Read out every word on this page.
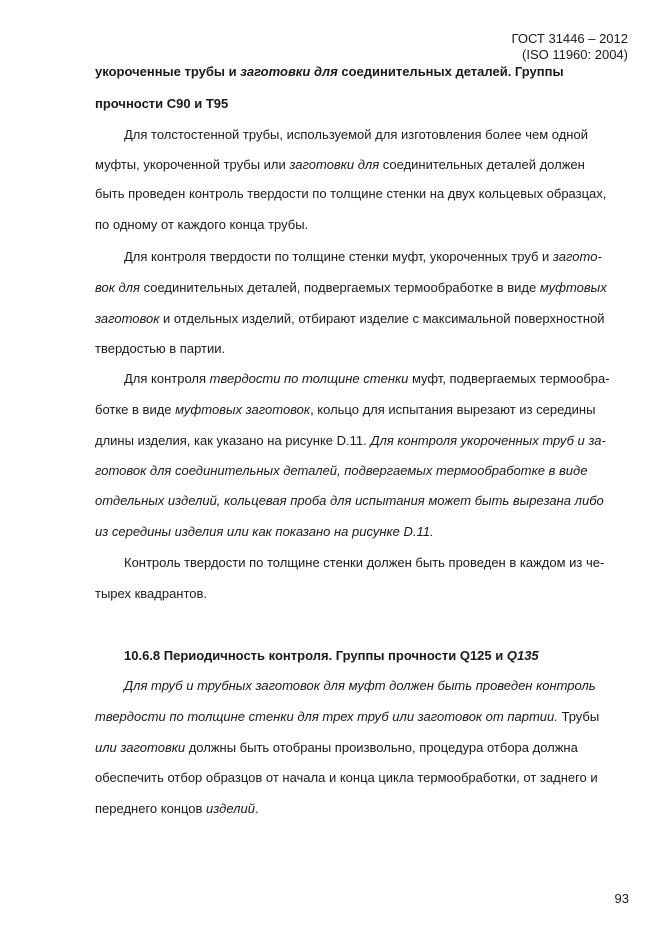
ГОСТ 31446 – 2012
(ISO 11960: 2004)
укороченные трубы и заготовки для соединительных деталей. Группы
прочности С90 и Т95
Для толстостенной трубы, используемой для изготовления более чем одной
муфты, укороченной трубы или заготовки для соединительных деталей должен
быть проведен контроль твердости по толщине стенки на двух кольцевых образцах,
по одному от каждого конца трубы.
Для контроля твердости по толщине стенки муфт, укороченных труб и загото-
вок для соединительных деталей, подвергаемых термообработке в виде муфтовых
заготовок и отдельных изделий, отбирают изделие с максимальной поверхностной
твердостью в партии.
Для контроля твердости по толщине стенки муфт, подвергаемых термообра-
ботке в виде муфтовых заготовок, кольцо для испытания вырезают из середины
длины изделия, как указано на рисунке D.11. Для контроля укороченных труб и за-
готовок для соединительных деталей, подвергаемых термообработке в виде
отдельных изделий, кольцевая проба для испытания может быть вырезана либо
из середины изделия или как показано на рисунке D.11.
Контроль твердости по толщине стенки должен быть проведен в каждом из че-
тырех квадрантов.
10.6.8 Периодичность контроля. Группы прочности Q125 и Q135
Для труб и трубных заготовок для муфт должен быть проведен контроль
твердости по толщине стенки для трех труб или заготовок от партии. Трубы
или заготовки должны быть отобраны произвольно, процедура отбора должна
обеспечить отбор образцов от начала и конца цикла термообработки, от заднего и
переднего концов изделий.
93
